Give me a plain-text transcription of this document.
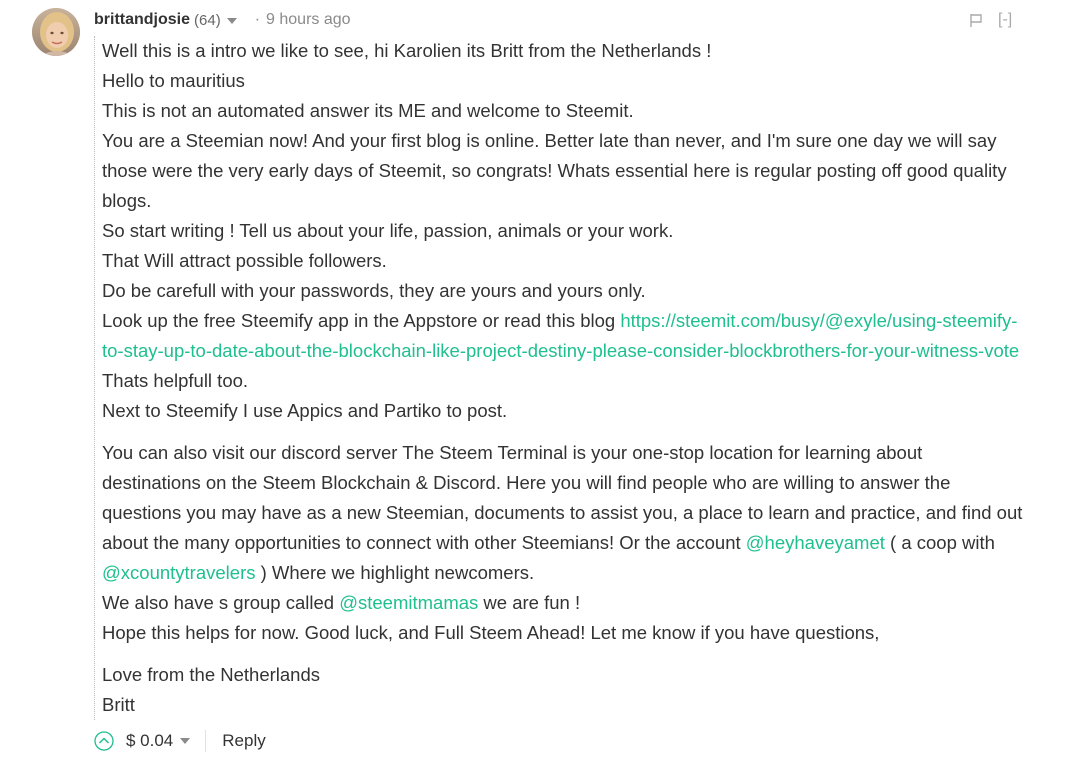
brittandjosie (64) · 9 hours ago	[-]

Well this is a intro we like to see, hi Karolien its Britt from the Netherlands !
Hello to mauritius
This is not an automated answer its ME and welcome to Steemit.
You are a Steemian now! And your first blog is online. Better late than never, and I'm sure one day we will say those were the very early days of Steemit, so congrats! Whats essential here is regular posting off good quality blogs.
So start writing ! Tell us about your life, passion, animals or your work.
That Will attract possible followers.
Do be carefull with your passwords, they are yours and yours only.
Look up the free Steemify app in the Appstore or read this blog https://steemit.com/busy/@exyle/using-steemify-to-stay-up-to-date-about-the-blockchain-like-project-destiny-please-consider-blockbrothers-for-your-witness-vote Thats helpfull too.
Next to Steemify I use Appics and Partiko to post.

You can also visit our discord server The Steem Terminal is your one-stop location for learning about destinations on the Steem Blockchain & Discord. Here you will find people who are willing to answer the questions you may have as a new Steemian, documents to assist you, a place to learn and practice, and find out about the many opportunities to connect with other Steemians! Or the account @heyhaveyamet ( a coop with @xcountytravelers ) Where we highlight newcomers.
We also have s group called @steemitmamas we are fun !
Hope this helps for now. Good luck, and Full Steem Ahead! Let me know if you have questions,

Love from the Netherlands
Britt

$ 0.04	Reply
